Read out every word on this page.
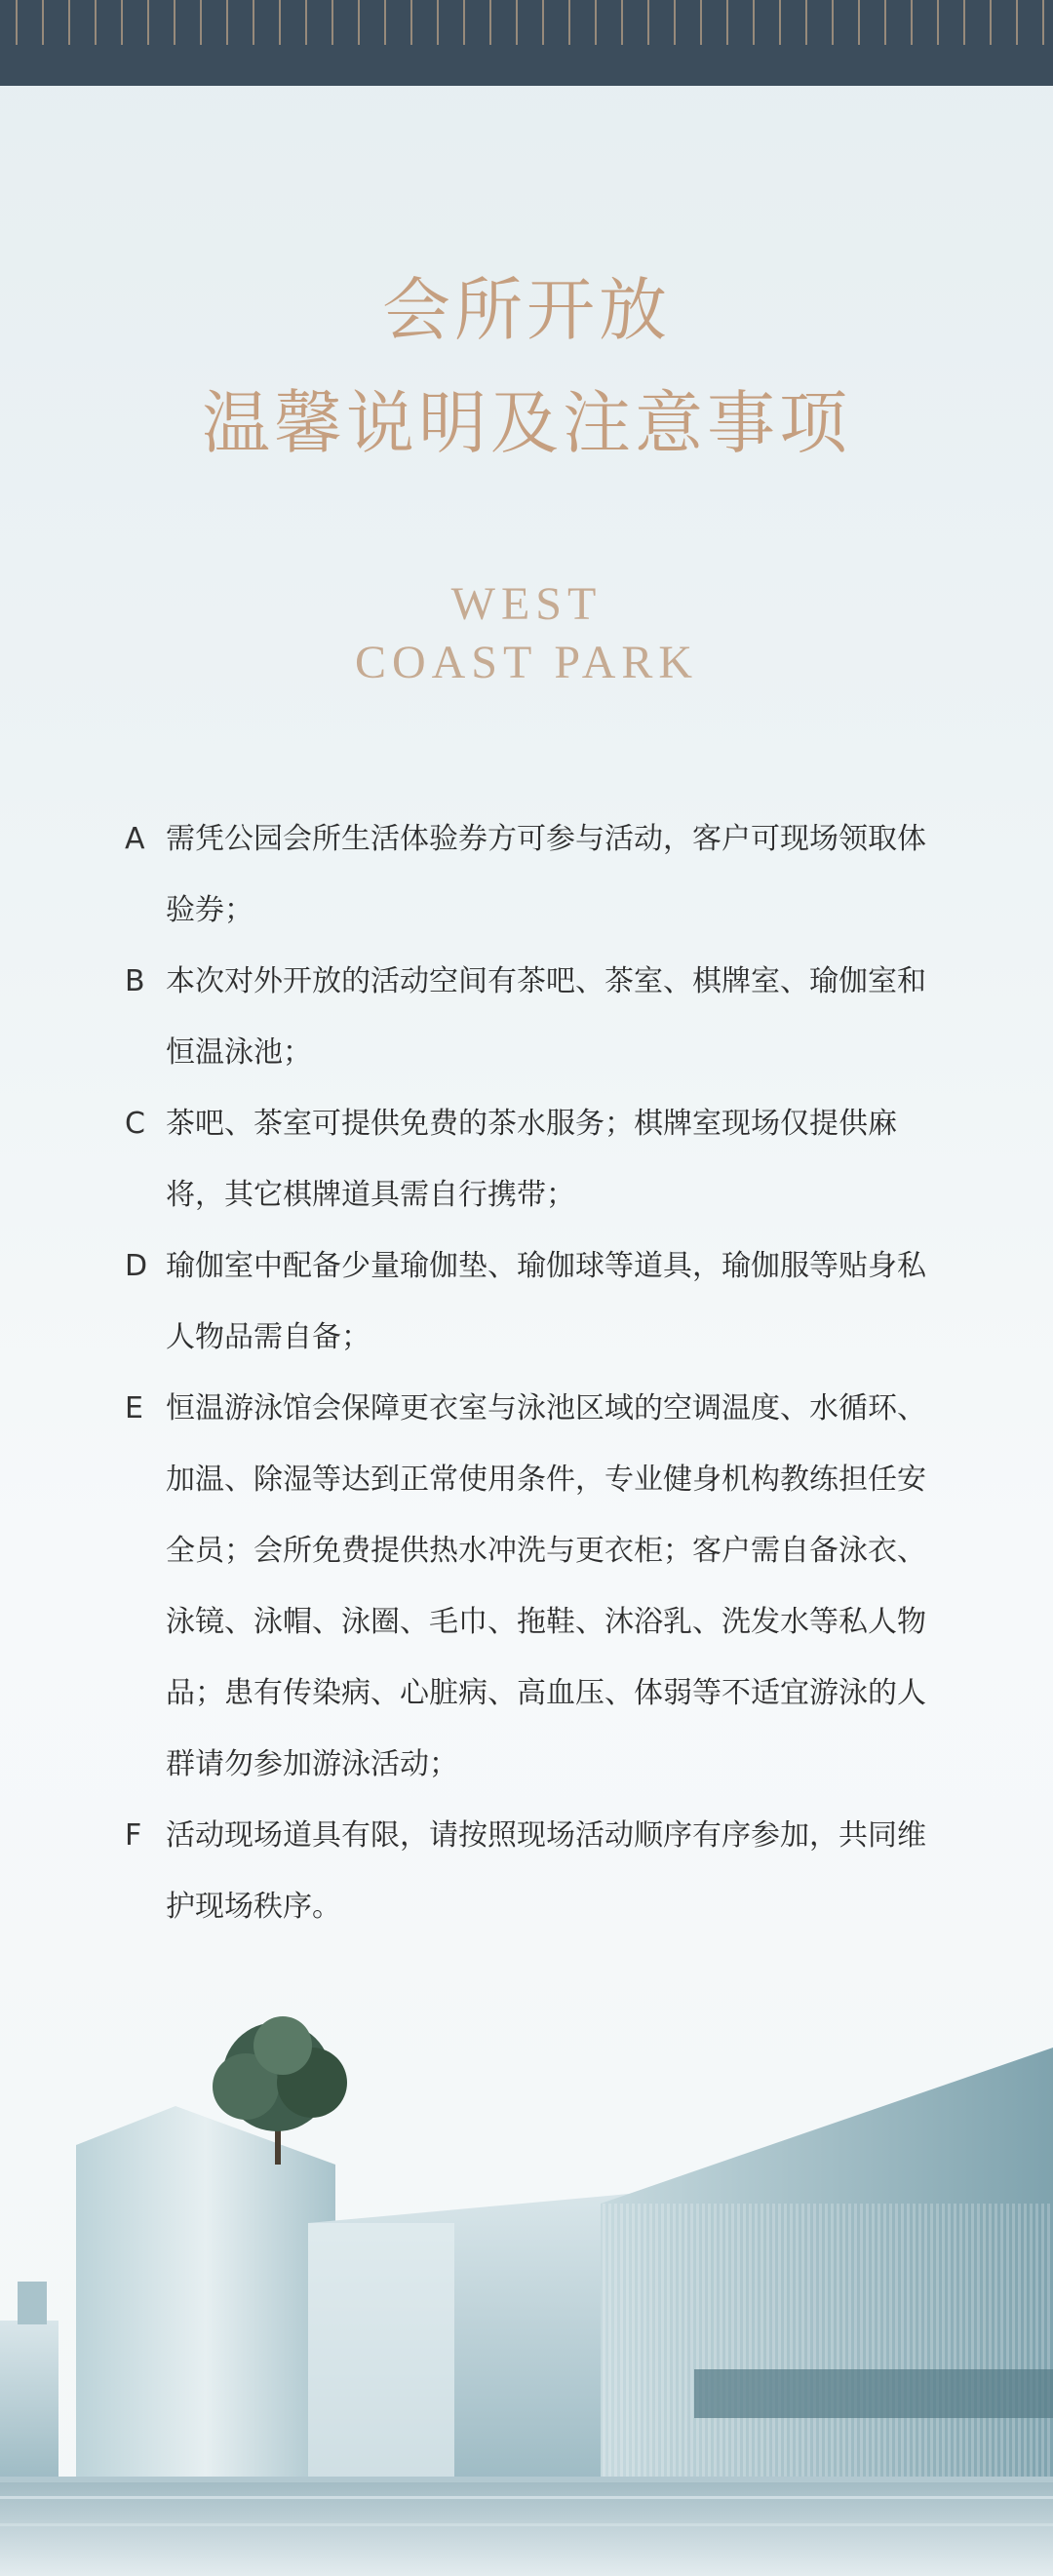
会所开放
温馨说明及注意事项
WEST
COAST PARK
A 需凭公园会所生活体验券方可参与活动，客户可现场领取体验券；
B 本次对外开放的活动空间有茶吧、茶室、棋牌室、瑜伽室和恒温泳池；
C 茶吧、茶室可提供免费的茶水服务；棋牌室现场仅提供麻将，其它棋牌道具需自行携带；
D 瑜伽室中配备少量瑜伽垫、瑜伽球等道具，瑜伽服等贴身私人物品需自备；
E 恒温游泳馆会保障更衣室与泳池区域的空调温度、水循环、加温、除湿等达到正常使用条件，专业健身机构教练担任安全员；会所免费提供热水冲洗与更衣柜；客户需自备泳衣、泳镜、泳帽、泳圈、毛巾、拖鞋、沐浴乳、洗发水等私人物品；患有传染病、心脏病、高血压、体弱等不适宜游泳的人群请勿参加游泳活动；
F 活动现场道具有限，请按照现场活动顺序有序参加，共同维护现场秩序。
